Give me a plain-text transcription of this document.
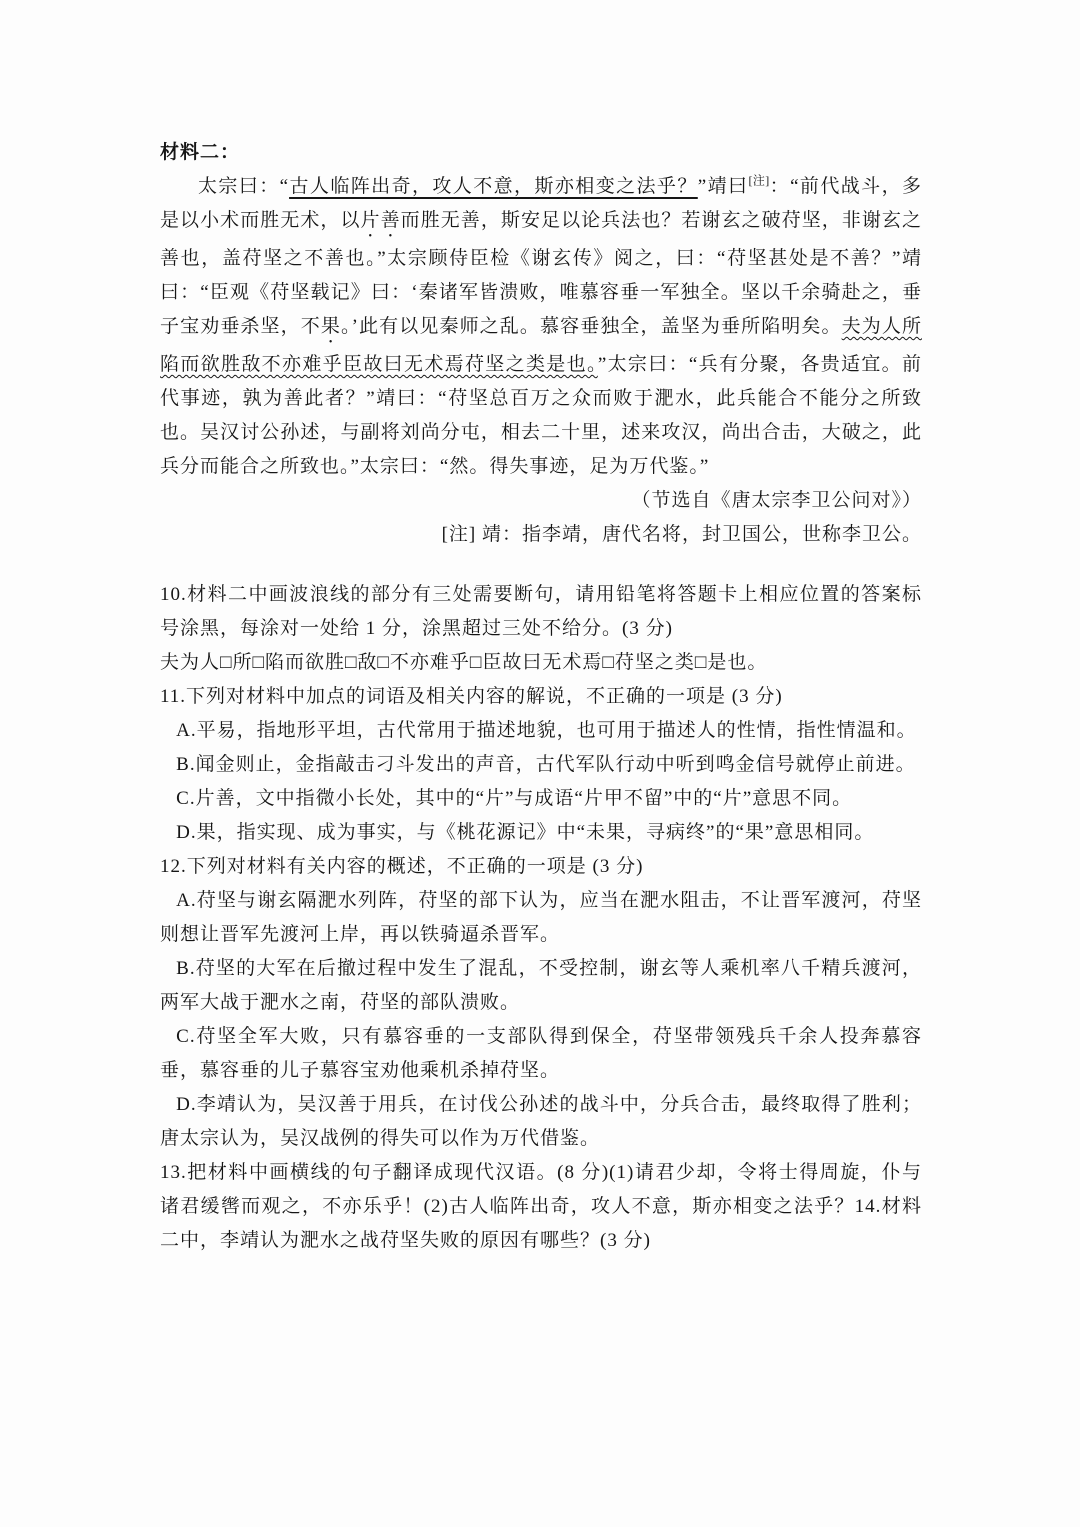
材料二：

太宗曰：“古人临阵出奇，攻人不意，斯亦相变之法乎？”靖曰[注]：“前代战斗，多是以小术而胜无术，以片善而胜无善，斯安足以论兵法也？若谢玄之破苻坚，非谢玄之善也，盖苻坚之不善也。”太宗顾侍臣检《谢玄传》阅之，曰：“苻坚甚处是不善？”靖曰：“臣观《苻坚载记》曰：‘秦诸军皆溃败，唯慕容垂一军独全。坚以千余骑赴之，垂子宝劝垂杀坚，不果。’此有以见秦师之乱。慕容垂独全，盖坚为垂所陷明矣。夫为人所陷而欲胜敌不亦难乎臣故曰无术焉苻坚之类是也。”太宗曰：“兵有分聚，各贵适宜。前代事迹，孰为善此者？”靖曰：“苻坚总百万之众而败于淝水，此兵能合不能分之所致也。吴汉讨公孙述，与副将刘尚分屯，相去二十里，述来攻汉，尚出合击，大破之，此兵分而能合之所致也。”太宗曰：“然。得失事迹，足为万代鉴。”

（节选自《唐太宗李卫公问对》）

[注] 靖：指李靖，唐代名将，封卫国公，世称李卫公。

10.材料二中画波浪线的部分有三处需要断句，请用铅笔将答题卡上相应位置的答案标号涂黑，每涂对一处给 1 分，涂黑超过三处不给分。(3 分)

夫为人□所□陷而欲胜□敌□不亦难乎□臣故曰无术焉□苻坚之类□是也。

11.下列对材料中加点的词语及相关内容的解说，不正确的一项是 (3 分)

A.平易，指地形平坦，古代常用于描述地貌，也可用于描述人的性情，指性情温和。

B.闻金则止，金指敲击刁斗发出的声音，古代军队行动中听到鸣金信号就停止前进。

C.片善，文中指微小长处，其中的“片”与成语“片甲不留”中的“片”意思不同。

D.果，指实现、成为事实，与《桃花源记》中“未果，寻病终”的“果”意思相同。

12.下列对材料有关内容的概述，不正确的一项是 (3 分)

A.苻坚与谢玄隔淝水列阵，苻坚的部下认为，应当在淝水阻击，不让晋军渡河，苻坚则想让晋军先渡河上岸，再以铁骑逼杀晋军。

B.苻坚的大军在后撤过程中发生了混乱，不受控制，谢玄等人乘机率八千精兵渡河，两军大战于淝水之南，苻坚的部队溃败。

C.苻坚全军大败，只有慕容垂的一支部队得到保全，苻坚带领残兵千余人投奔慕容垂，慕容垂的儿子慕容宝劝他乘机杀掉苻坚。

D.李靖认为，吴汉善于用兵，在讨伐公孙述的战斗中，分兵合击，最终取得了胜利；唐太宗认为，吴汉战例的得失可以作为万代借鉴。

13.把材料中画横线的句子翻译成现代汉语。(8 分)(1)请君少却，令将士得周旋，仆与诸君缓辔而观之，不亦乐乎！(2)古人临阵出奇，攻人不意，斯亦相变之法乎？14.材料二中，李靖认为淝水之战苻坚失败的原因有哪些？(3 分)
